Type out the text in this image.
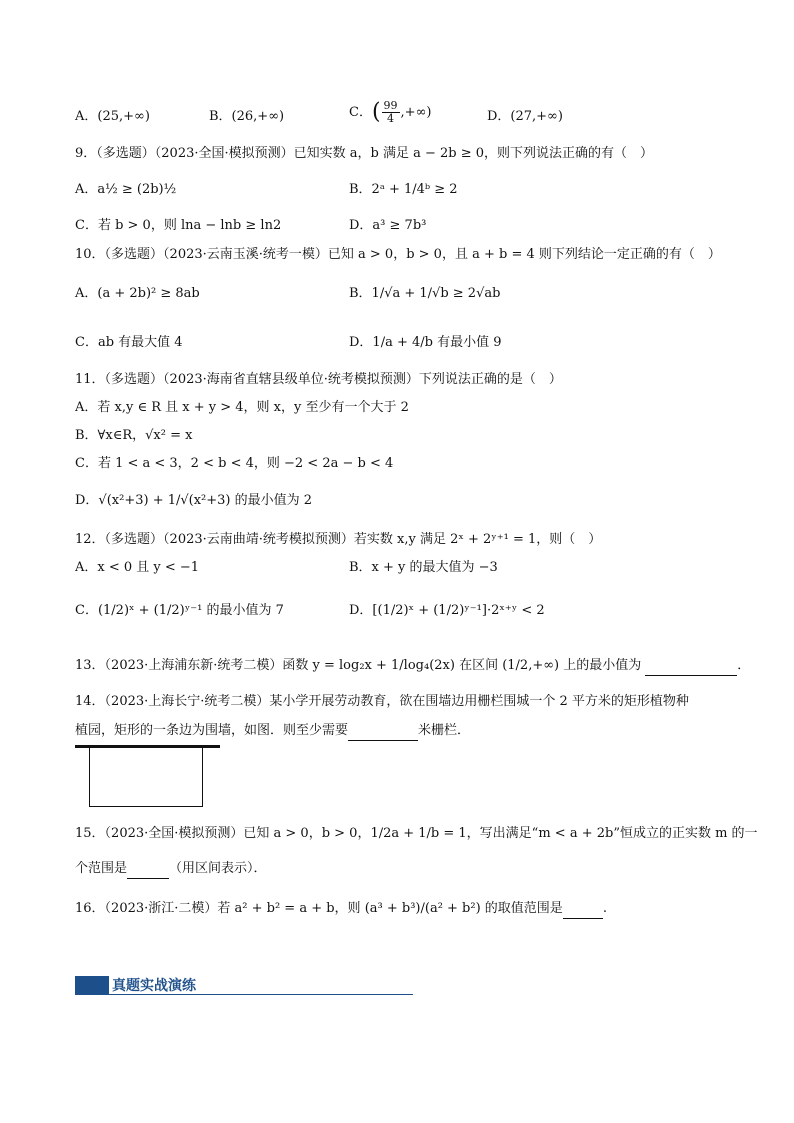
A．(25,+∞)	B．(26,+∞)	C．( $\frac{99}{4}$ ,+∞)	D．(27,+∞)
9．（多选题）（2023·全国·模拟预测）已知实数 a，b 满足 a − 2b ≥ 0，则下列说法正确的有（　）
A．a½ ≥ (2b)½	B．2ᵃ + 1/4ᵇ ≥ 2
C．若 b > 0，则 lna − lnb ≥ ln2	D．a³ ≥ 7b³
10．（多选题）（2023·云南玉溪·统考一模）已知 a > 0，b > 0，且 a + b = 4 则下列结论一定正确的有（　）
A．(a + 2b)² ≥ 8ab	B．1/√a + 1/√b ≥ 2√ab
C．ab 有最大值 4	D．1/a + 4/b 有最小值 9
11．（多选题）（2023·海南省直辖县级单位·统考模拟预测）下列说法正确的是（　）
A．若 x,y ∈ R 且 x + y > 4，则 x，y 至少有一个大于 2
B．∀x∈R，√x² = x
C．若 1 < a < 3，2 < b < 4，则 −2 < 2a − b < 4
D．√(x²+3) + 1/√(x²+3) 的最小值为 2
12．（多选题）（2023·云南曲靖·统考模拟预测）若实数 x,y 满足 2ˣ + 2ʸ⁺¹ = 1，则（　）
A．x < 0 且 y < −1	B．x + y 的最大值为 −3
C．(1/2)ˣ + (1/2)ʸ⁻¹ 的最小值为 7	D．[(1/2)ˣ + (1/2)ʸ⁻¹]·2ˣ⁺ʸ < 2
13．（2023·上海浦东新·统考二模）函数 y = log₂x + 1/log₄(2x) 在区间 (1/2,+∞) 上的最小值为	．
14．（2023·上海长宁·统考二模）某小学开展劳动教育，欲在围墙边用栅栏围城一个 2 平方米的矩形植物种
植园，矩形的一条边为围墙，如图．则至少需要	米栅栏．
15．（2023·全国·模拟预测）已知 a > 0，b > 0，1/2a + 1/b = 1，写出满足“m < a + 2b”恒成立的正实数 m 的一
个范围是	（用区间表示）．
16．（2023·浙江·二模）若 a² + b² = a + b，则 (a³ + b³)/(a² + b²) 的取值范围是	.
真题实战演练
